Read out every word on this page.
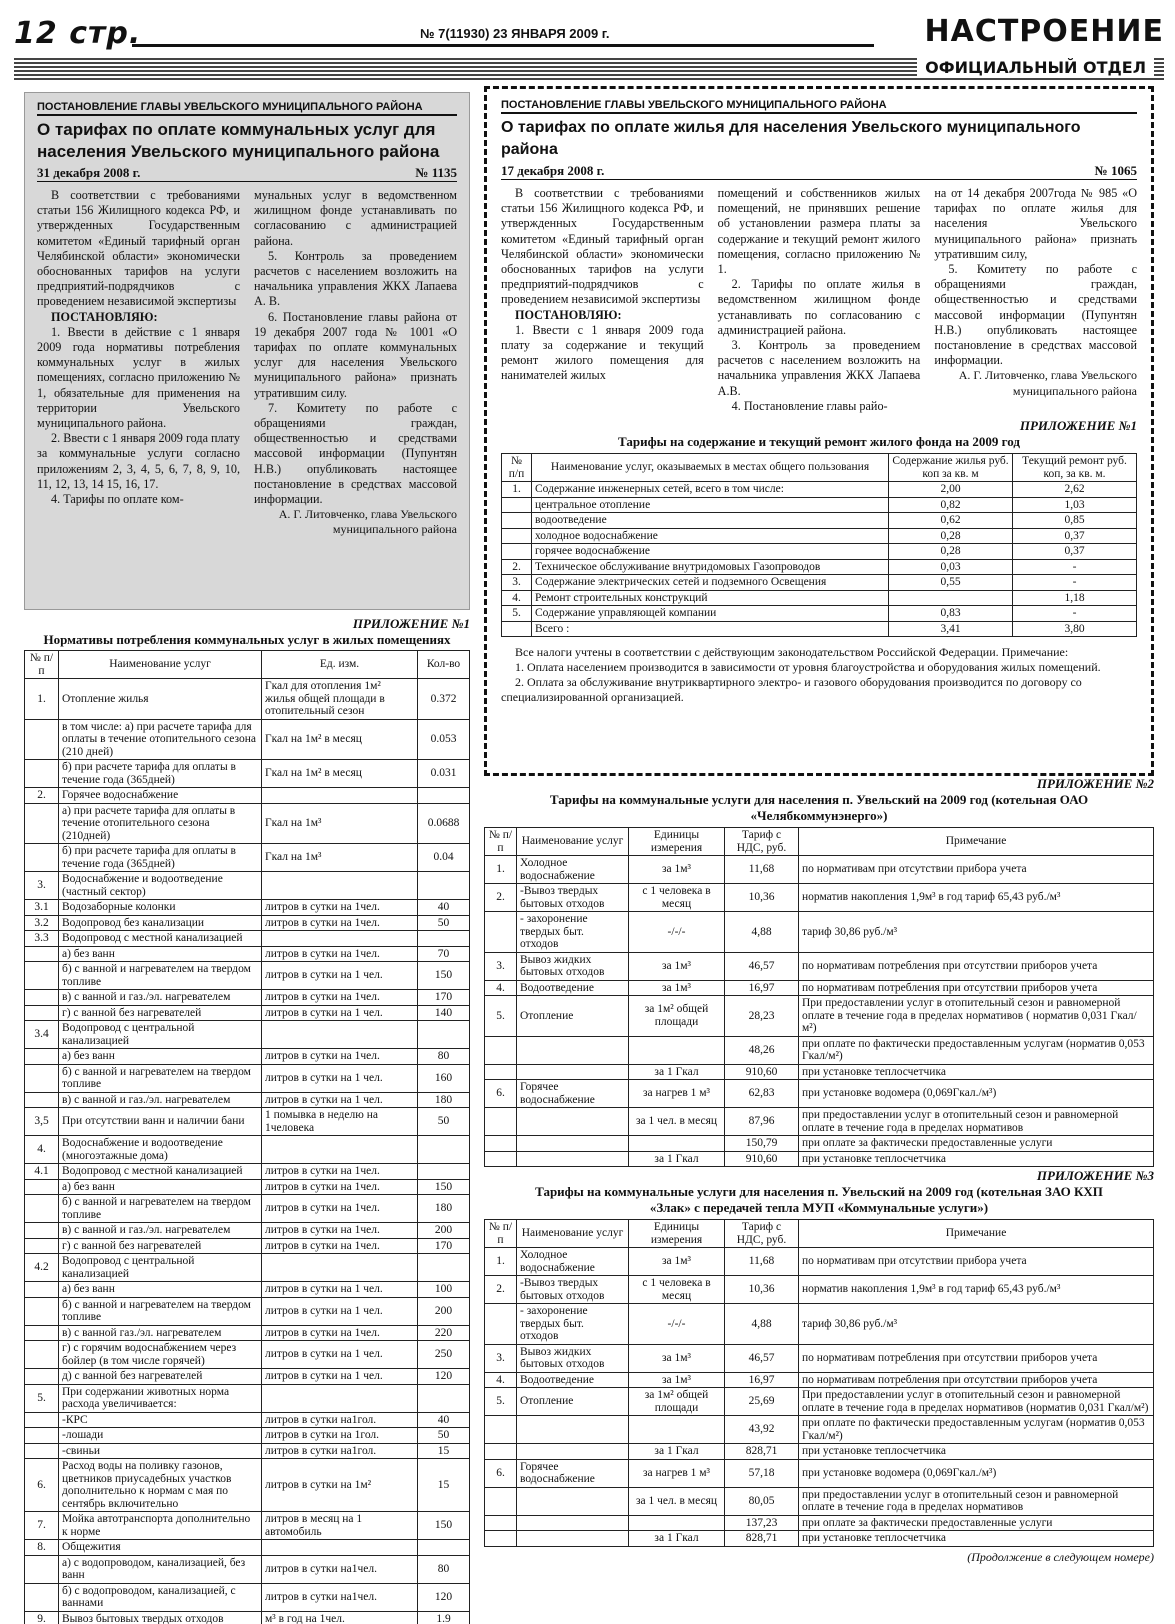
12 стр.	№ 7(11930) 23 ЯНВАРЯ 2009 г.	НАСТРОЕНИЕ
ОФИЦИАЛЬНЫЙ ОТДЕЛ
ПОСТАНОВЛЕНИЕ ГЛАВЫ УВЕЛЬСКОГО МУНИЦИПАЛЬНОГО РАЙОНА
О тарифах по оплате коммунальных услуг для населения Увельского муниципального района
31 декабря 2008 г.	№ 1135

В соответствии с требованиями статьи 156 Жилищного кодекса РФ, и утвержденных Государственным комитетом «Единый тарифный орган Челябинской области» экономически обоснованных тарифов на услуги предприятий-подрядчиков с проведением независимой экспертизы

ПОСТАНОВЛЯЮ:

1. Ввести в действие с 1 января 2009 года нормативы потребления коммунальных услуг в жилых помещениях, согласно приложению № 1, обязательные для применения на территории Увельского муниципального района.

2. Ввести с 1 января 2009 года плату за коммунальные услуги согласно приложениям 2, 3, 4, 5, 6, 7, 8, 9, 10, 11, 12, 13, 14 15, 16, 17.

4. Тарифы по оплате ком-

мунальных услуг в ведомственном жилищном фонде устанавливать по согласованию с администрацией района.

5. Контроль за проведением расчетов с населением возложить на начальника управления ЖКХ Лапаева А. В.

6. Постановление главы района от 19 декабря 2007 года № 1001 «О тарифах по оплате коммунальных услуг для населения Увельского муниципального района» признать утратившим силу.

7. Комитету по работе с обращениями граждан, общественностью и средствами массовой информации (Пупунтян Н.В.) опубликовать настоящее постановление в средствах массовой информации.

А. Г. Литовченко, глава Увельского муниципального района

ПОСТАНОВЛЕНИЕ ГЛАВЫ УВЕЛЬСКОГО МУНИЦИПАЛЬНОГО РАЙОНА
О тарифах по оплате жилья для населения Увельского муниципального района
17 декабря 2008 г.	№ 1065

В соответствии с требованиями статьи 156 Жилищного кодекса РФ, и утвержденных Государственным комитетом «Единый тарифный орган Челябинской области» экономически обоснованных тарифов на услуги предприятий-подрядчиков с проведением независимой экспертизы

ПОСТАНОВЛЯЮ:

1. Ввести с 1 января 2009 года плату за содержание и текущий ремонт жилого помещения для нанимателей жилых

помещений и собственников жилых помещений, не принявших решение об установлении размера платы за содержание и текущий ремонт жилого помещения, согласно приложению № 1.

2. Тарифы по оплате жилья в ведомственном жилищном фонде устанавливать по согласованию с администрацией района.

3. Контроль за проведением расчетов с населением возложить на начальника управления ЖКХ Лапаева А.В.

4. Постановление главы райо-

на от 14 декабря 2007года № 985 «О тарифах по оплате жилья для населения Увельского муниципального района» признать утратившим силу,

5. Комитету по работе с обращениями граждан, общественностью и средствами массовой информации (Пупунтян Н.В.) опубликовать настоящее постановление в средствах массовой информации.

А. Г. Литовченко, глава Увельского муниципального района

ПРИЛОЖЕНИЕ №1
Тарифы на содержание и текущий ремонт жилого фонда на 2009 год
№ п/п	Наименование услуг, оказываемых в местах общего пользования	Содержание жилья руб. коп за кв. м	Текущий ремонт руб. коп, за кв. м.
1.	Содержание инженерных сетей, всего в том числе:	2,00	2,62
	центральное отопление	0,82	1,03
	водоотведение	0,62	0,85
	холодное водоснабжение	0,28	0,37
	горячее водоснабжение	0,28	0,37
2.	Техническое обслуживание внутридомовых Газопроводов	0,03	-
3.	Содержание электрических сетей и подземного Освещения	0,55	-
4.	Ремонт строительных конструкций		1,18
5.	Содержание управляющей компании	0,83	-
	Всего :	3,41	3,80

Все налоги учтены в соответствии с действующим законодательством Российской Федерации. Примечание:

1. Оплата населением производится в зависимости от уровня благоустройства и оборудования жилых помещений.

2. Оплата за обслуживание внутриквартирного электро- и газового оборудования производится по договору со специализированной организацией.

ПРИЛОЖЕНИЕ №1
Нормативы потребления коммунальных услуг в жилых помещениях
№ п/п	Наименование услуг	Ед. изм.	Кол-во
1.	Отопление жилья	Гкал для отопления 1м² жилья общей площади в отопительный сезон	0.372
	в том числе: а) при расчете тарифа для оплаты в течение отопительного сезона (210 дней)	Гкал на 1м² в месяц	0.053
	б) при расчете тарифа для оплаты в течение года (365дней)	Гкал на 1м² в месяц	0.031
2.	Горячее водоснабжение		
	а) при расчете тарифа для оплаты в течение отопительного сезона (210дней)	Гкал на 1м³	0.0688
	б) при расчете тарифа для оплаты в течение года (365дней)	Гкал на 1м³	0.04
3.	Водоснабжение и водоотведение (частный сектор)		
3.1	Водозаборные колонки	литров в сутки на 1чел.	40
3.2	Водопровод без канализации	литров в сутки на 1чел.	50
3.3	Водопровод с местной канализацией		
	а) без ванн	литров в сутки на 1чел.	70
	б) с ванной и нагревателем на твердом топливе	литров в сутки на 1 чел.	150
	в) с ванной и газ./эл. нагревателем	литров в сутки на 1чел.	170
	г) с ванной без нагревателей	литров в сутки на 1 чел.	140
3.4	Водопровод с центральной канализацией		
	а) без ванн	литров в сутки на 1чел.	80
	б) с ванной и нагревателем на твердом топливе	литров в сутки на 1 чел.	160
	в) с ванной и газ./эл. нагревателем	литров в сутки на 1 чел.	180
3,5	При отсутствии ванн и наличии бани	1 помывка в неделю на 1человека	50
4.	Водоснабжение и водоотведение (многоэтажные дома)		
4.1	Водопровод с местной канализацией	литров в сутки на 1чел.	
	а) без ванн	литров в сутки на 1чел.	150
	б) с ванной и нагревателем на твердом топливе	литров в сутки на 1чел.	180
	в) с ванной и газ./эл. нагревателем	литров в сутки на 1чел.	200
	г) с ванной без нагревателей	литров в сутки на 1чел.	170
4.2	Водопровод с центральной канализацией		
	а) без ванн	литров в сутки на 1 чел.	100
	б) с ванной и нагревателем на твердом топливе	литров в сутки на 1 чел.	200
	в) с ванной газ./эл. нагревателем	литров в сутки на 1чел.	220
	г) с горячим водоснабжением через бойлер (в том числе горячей)	литров в сутки на 1 чел.	250
	д) с ванной без нагревателей	литров в сутки на 1 чел.	120
5.	При содержании животных норма расхода увеличивается:		
	-КРС	литров в сутки на1гол.	40
	-лошади	литров в сутки на 1гол.	50
	-свиньи	литров в сутки на1гол.	15
6.	Расход воды на поливку газонов, цветников приусадебных участков дополнительно к нормам с мая по сентябрь включительно	литров в сутки на 1м²	15
7.	Мойка автотранспорта дополнительно к норме	литров в месяц на 1 автомобиль	150
8.	Общежития		
	а) с водопроводом, канализацией, без ванн	литров в сутки на1чел.	80
	б) с водопроводом, канализацией, с ваннами	литров в сутки на1чел.	120
9.	Вывоз бытовых твердых отходов	м³ в год на 1чел.	1.9
ПРИЛОЖЕНИЕ №2
Тарифы на коммунальные услуги для населения п. Увельский на 2009 год (котельная ОАО «Челябкоммунэнерго»)
№ п/п	Наименование услуг	Единицы измерения	Тариф с НДС, руб.	Примечание
1.	Холодное водоснабжение	за 1м³	11,68	по нормативам при отсутствии прибора учета
2.	-Вывоз твердых бытовых отходов	с 1 человека в месяц	10,36	норматив накопления 1,9м³ в год тариф 65,43 руб./м³
	- захоронение твердых быт. отходов	-/-/-	4,88	тариф 30,86 руб./м³
3.	Вывоз жидких бытовых отходов	за 1м³	46,57	по нормативам потребления при отсутствии приборов учета
4.	Водоотведение	за 1м³	16,97	по нормативам потребления при отсутствии приборов учета
5.	Отопление	за 1м² общей площади	28,23	При предоставлении услуг в отопительный сезон и равномерной оплате в течение года в пределах нормативов ( норматив 0,031 Гкал/м²)
			48,26	при оплате по фактически предоставленным услугам (норматив 0,053 Гкал/м²)
		за 1 Гкал	910,60	при установке теплосчетчика
6.	Горячее водоснабжение	за нагрев 1 м³	62,83	при установке водомера (0,069Гкал./м³)
		за 1 чел. в месяц	87,96	при предоставлении услуг в отопительный сезон и равномерной оплате в течение года в пределах нормативов
			150,79	при оплате за фактически предоставленные услуги
		за 1 Гкал	910,60	при установке теплосчетчика
ПРИЛОЖЕНИЕ №3
Тарифы на коммунальные услуги для населения п. Увельский на 2009 год (котельная ЗАО КХП «Злак» с передачей тепла МУП «Коммунальные услуги»)
№ п/п	Наименование услуг	Единицы измерения	Тариф с НДС, руб.	Примечание
1.	Холодное водоснабжение	за 1м³	11,68	по нормативам при отсутствии прибора учета
2.	-Вывоз твердых бытовых отходов	с 1 человека в месяц	10,36	норматив накопления 1,9м³ в год тариф 65,43 руб./м³
	- захоронение твердых быт. отходов	-/-/-	4,88	тариф 30,86 руб./м³
3.	Вывоз жидких бытовых отходов	за 1м³	46,57	по нормативам потребления при отсутствии приборов учета
4.	Водоотведение	за 1м³	16,97	по нормативам потребления при отсутствии приборов учета
5.	Отопление	за 1м² общей площади	25,69	При предоставлении услуг в отопительный сезон и равномерной оплате в течение года в пределах нормативов (норматив 0,031 Гкал/м²)
			43,92	при оплате по фактически предоставленным услугам (норматив 0,053 Гкал/м²)
		за 1 Гкал	828,71	при установке теплосчетчика
6.	Горячее водоснабжение	за нагрев 1 м³	57,18	при установке водомера (0,069Гкал./м³)
		за 1 чел. в месяц	80,05	при предоставлении услуг в отопительный сезон и равномерной оплате в течение года в пределах нормативов
			137,23	при оплате за фактически предоставленные услуги
		за 1 Гкал	828,71	при установке теплосчетчика
(Продолжение в следующем номере)
